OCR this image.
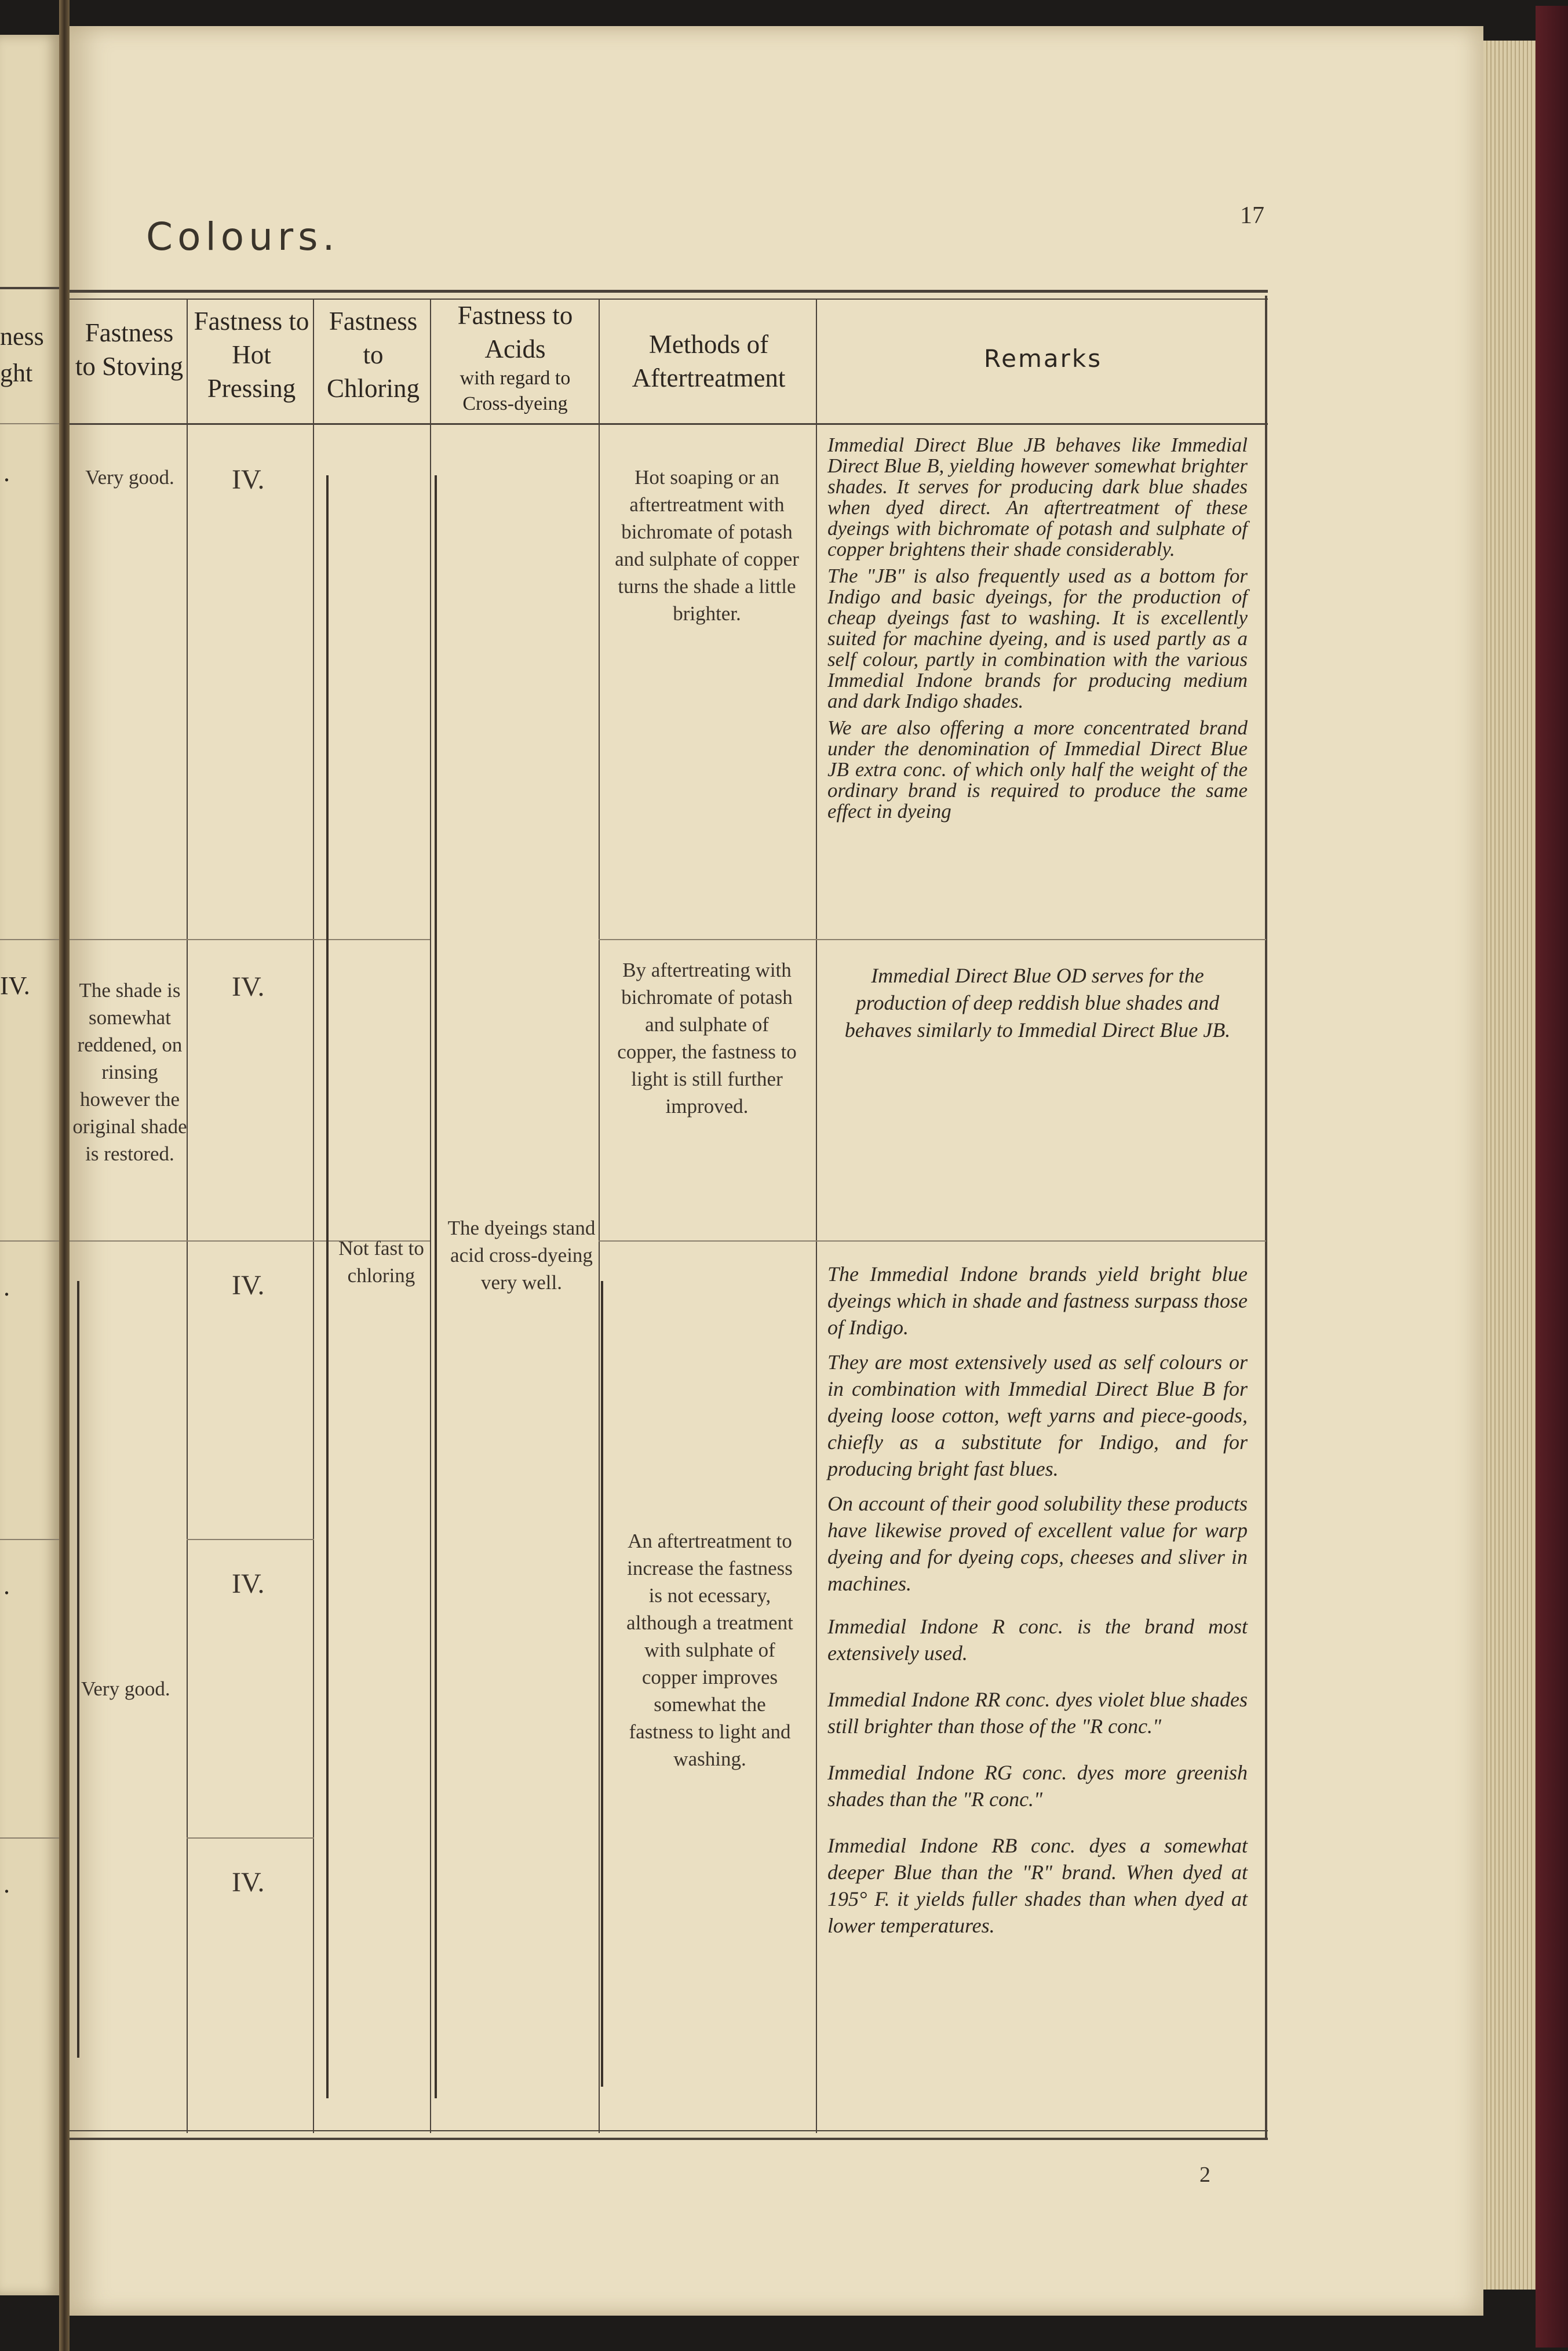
ness
ght
.
IV.
.
.
.
17
Colours.
Fastness to Stoving
Fastness to Hot Pressing
Fastness to Chloring
Fastness to Acids
with regard to Cross-dyeing
Methods of Aftertreatment
Remarks
Very good.
The shade is somewhat reddened, on rinsing however the original shade is restored.
Very good.
IV.
IV.
IV.
IV.
IV.
Not fast to chloring
The dyeings stand acid cross-dyeing very well.
Hot soaping or an aftertreatment with bichromate of potash and sulphate of copper turns the shade a little brighter.
By aftertreating with bichromate of potash and sulphate of copper, the fastness to light is still further improved.
An aftertreatment to increase the fastness is not ecessary, although a treatment with sulphate of copper improves somewhat the fastness to light and washing.

Immedial Direct Blue JB behaves like Immedial Direct Blue B, yielding however somewhat brighter shades. It serves for producing dark blue shades when dyed direct. An aftertreatment of these dyeings with bichromate of potash and sulphate of copper brightens their shade considerably.

The "JB" is also frequently used as a bottom for Indigo and basic dyeings, for the production of cheap dyeings fast to washing. It is excellently suited for machine dyeing, and is used partly as a self colour, partly in combination with the various Immedial Indone brands for producing medium and dark Indigo shades.

We are also offering a more concentrated brand under the denomination of Immedial Direct Blue JB extra conc. of which only half the weight of the ordinary brand is required to produce the same effect in dyeing

Immedial Direct Blue OD serves for the production of deep reddish blue shades and behaves similarly to Immedial Direct Blue JB.

The Immedial Indone brands yield bright blue dyeings which in shade and fastness surpass those of Indigo.

They are most extensively used as self colours or in combination with Immedial Direct Blue B for dyeing loose cotton, weft yarns and piece-goods, chiefly as a substitute for Indigo, and for producing bright fast blues.

On account of their good solubility these products have likewise proved of excellent value for warp dyeing and for dyeing cops, cheeses and sliver in machines.

Immedial Indone R conc. is the brand most extensively used.

Immedial Indone RR conc. dyes violet blue shades still brighter than those of the "R conc."

Immedial Indone RG conc. dyes more greenish shades than the "R conc."

Immedial Indone RB conc. dyes a somewhat deeper Blue than the "R" brand. When dyed at 195° F. it yields fuller shades than when dyed at lower temperatures.

2
